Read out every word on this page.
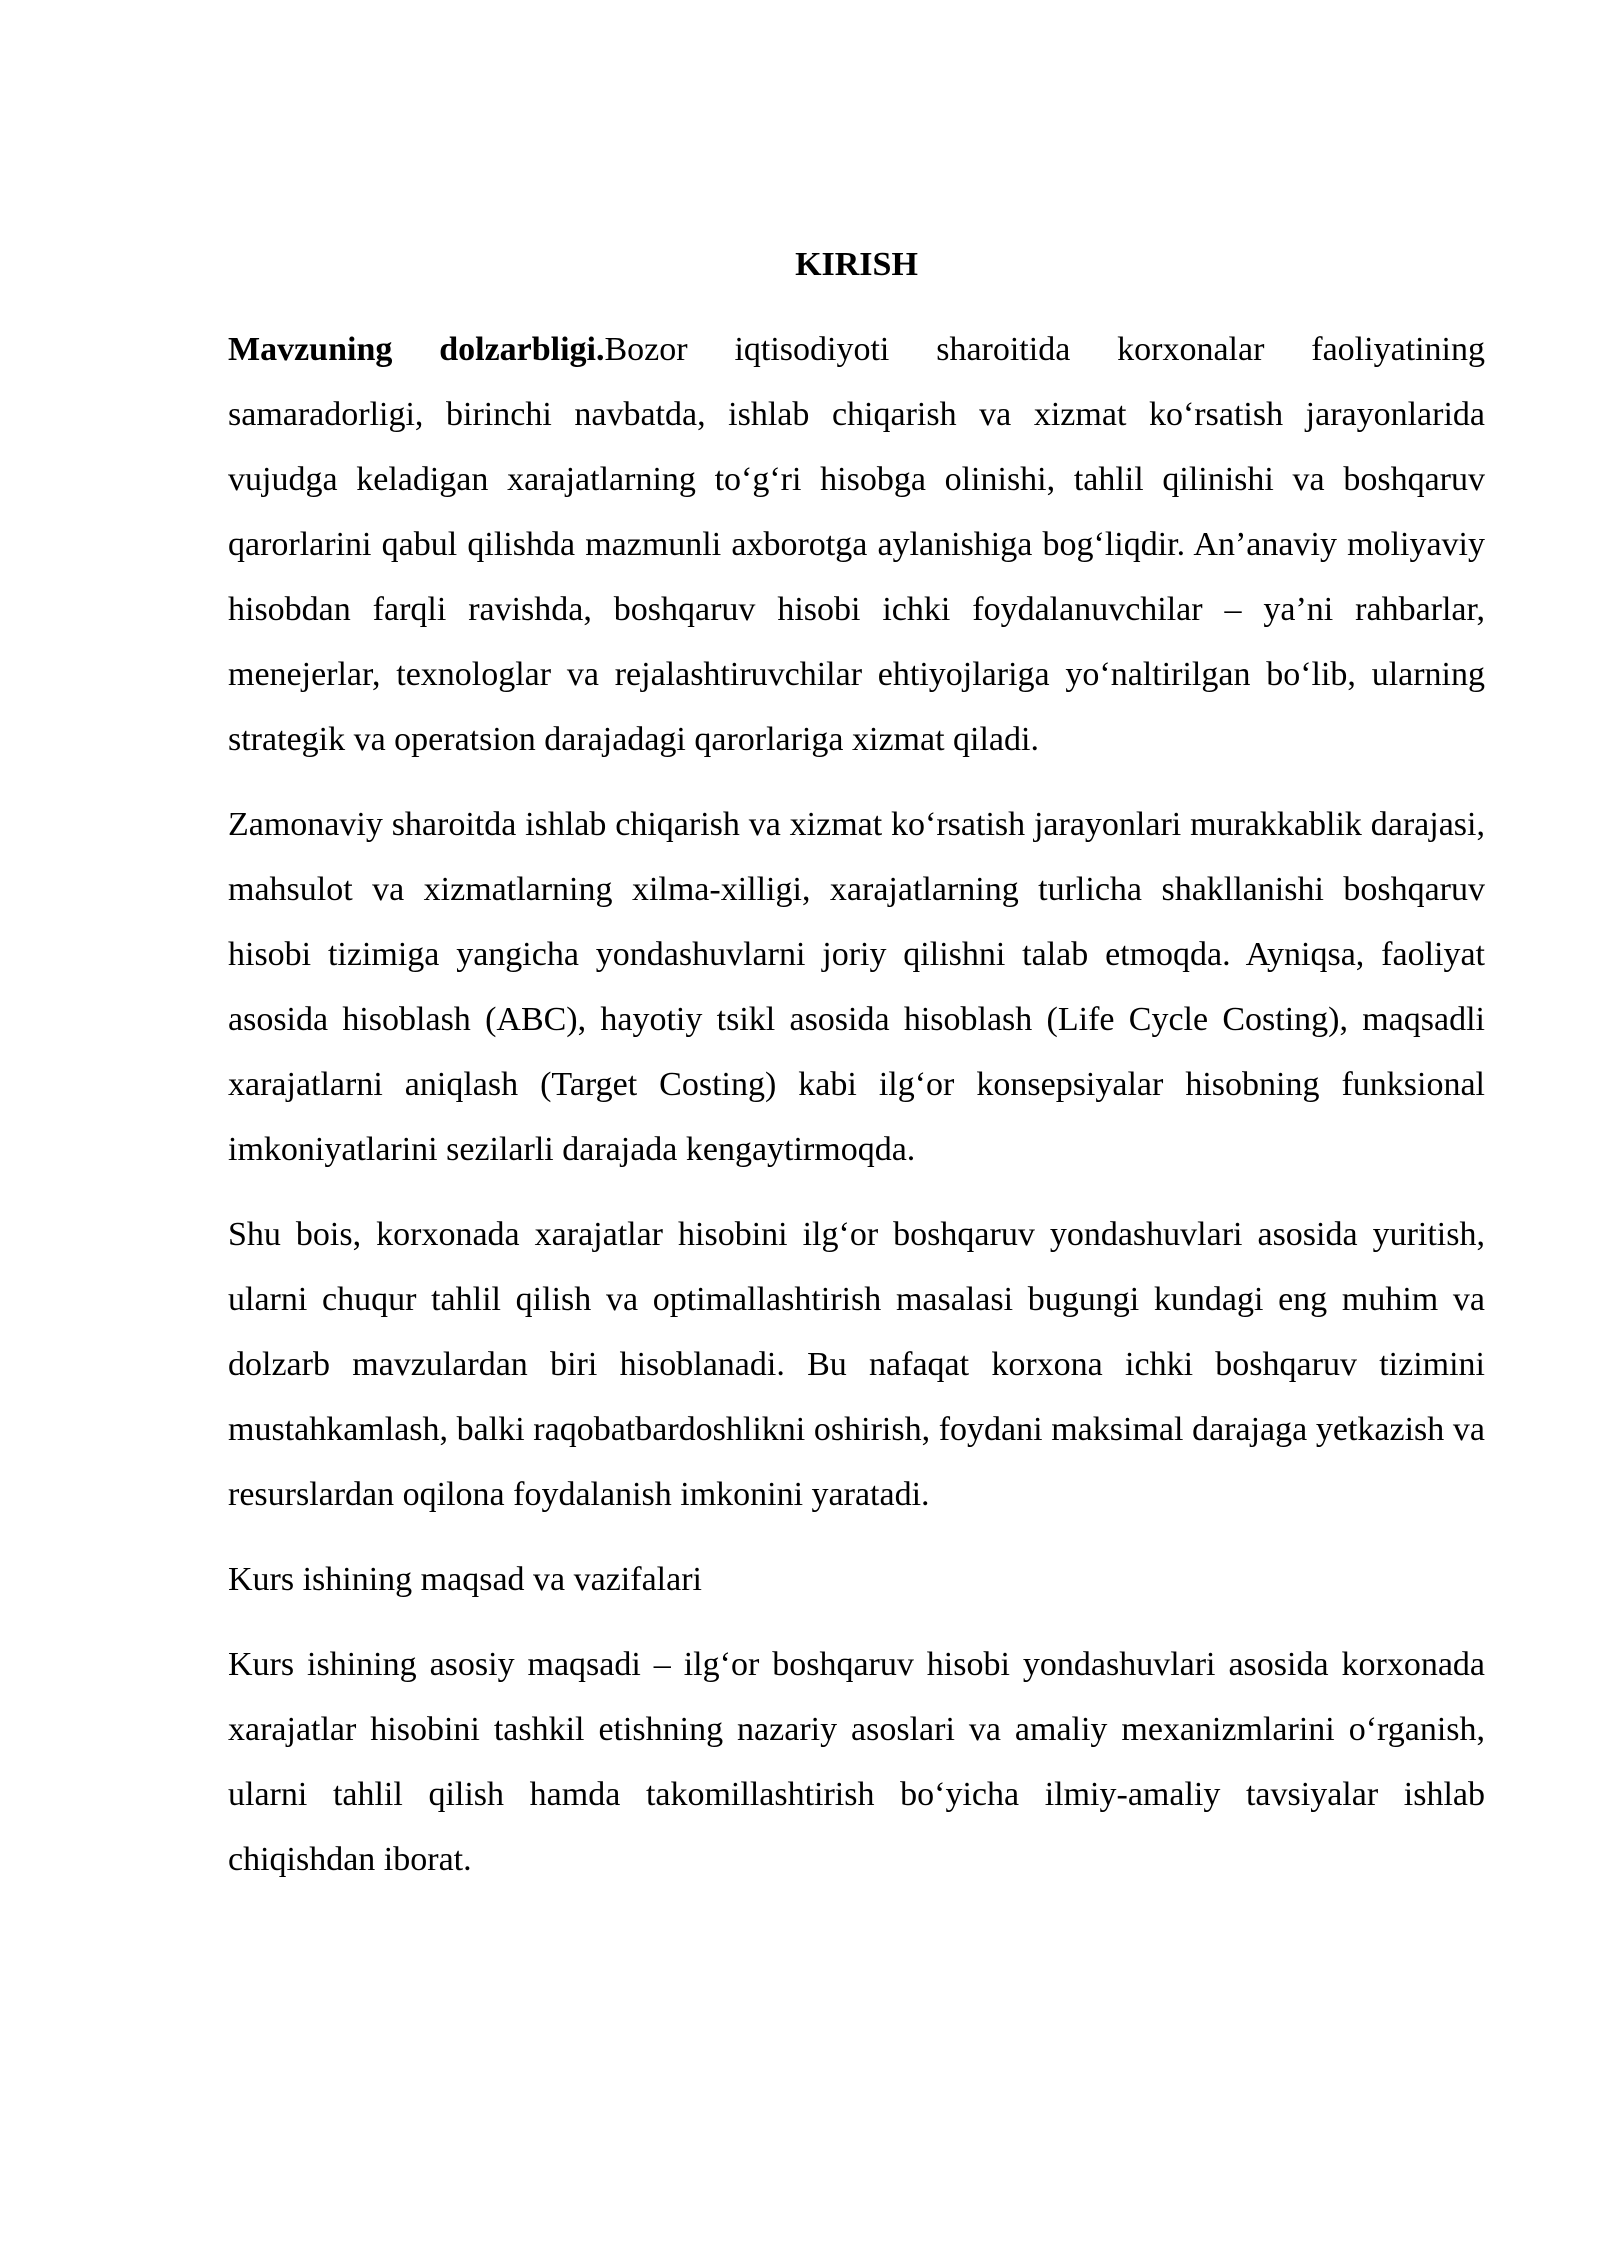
KIRISH

Mavzuning dolzarbligi.Bozor iqtisodiyoti sharoitida korxonalar faoliyatining samaradorligi, birinchi navbatda, ishlab chiqarish va xizmat ko‘rsatish jarayonlarida vujudga keladigan xarajatlarning to‘g‘ri hisobga olinishi, tahlil qilinishi va boshqaruv qarorlarini qabul qilishda mazmunli axborotga aylanishiga bog‘liqdir. An’anaviy moliyaviy hisobdan farqli ravishda, boshqaruv hisobi ichki foydalanuvchilar – ya’ni rahbarlar, menejerlar, texnologlar va rejalashtiruvchilar ehtiyojlariga yo‘naltirilgan bo‘lib, ularning strategik va operatsion darajadagi qarorlariga xizmat qiladi.

Zamonaviy sharoitda ishlab chiqarish va xizmat ko‘rsatish jarayonlari murakkablik darajasi, mahsulot va xizmatlarning xilma-xilligi, xarajatlarning turlicha shakllanishi boshqaruv hisobi tizimiga yangicha yondashuvlarni joriy qilishni talab etmoqda. Ayniqsa, faoliyat asosida hisoblash (ABC), hayotiy tsikl asosida hisoblash (Life Cycle Costing), maqsadli xarajatlarni aniqlash (Target Costing) kabi ilg‘or konsepsiyalar hisobning funksional imkoniyatlarini sezilarli darajada kengaytirmoqda.

Shu bois, korxonada xarajatlar hisobini ilg‘or boshqaruv yondashuvlari asosida yuritish, ularni chuqur tahlil qilish va optimallashtirish masalasi bugungi kundagi eng muhim va dolzarb mavzulardan biri hisoblanadi. Bu nafaqat korxona ichki boshqaruv tizimini mustahkamlash, balki raqobatbardoshlikni oshirish, foydani maksimal darajaga yetkazish va resurslardan oqilona foydalanish imkonini yaratadi.

Kurs ishining maqsad va vazifalari

Kurs ishining asosiy maqsadi – ilg‘or boshqaruv hisobi yondashuvlari asosida korxonada xarajatlar hisobini tashkil etishning nazariy asoslari va amaliy mexanizmlarini o‘rganish, ularni tahlil qilish hamda takomillashtirish bo‘yicha ilmiy-amaliy tavsiyalar ishlab chiqishdan iborat.
